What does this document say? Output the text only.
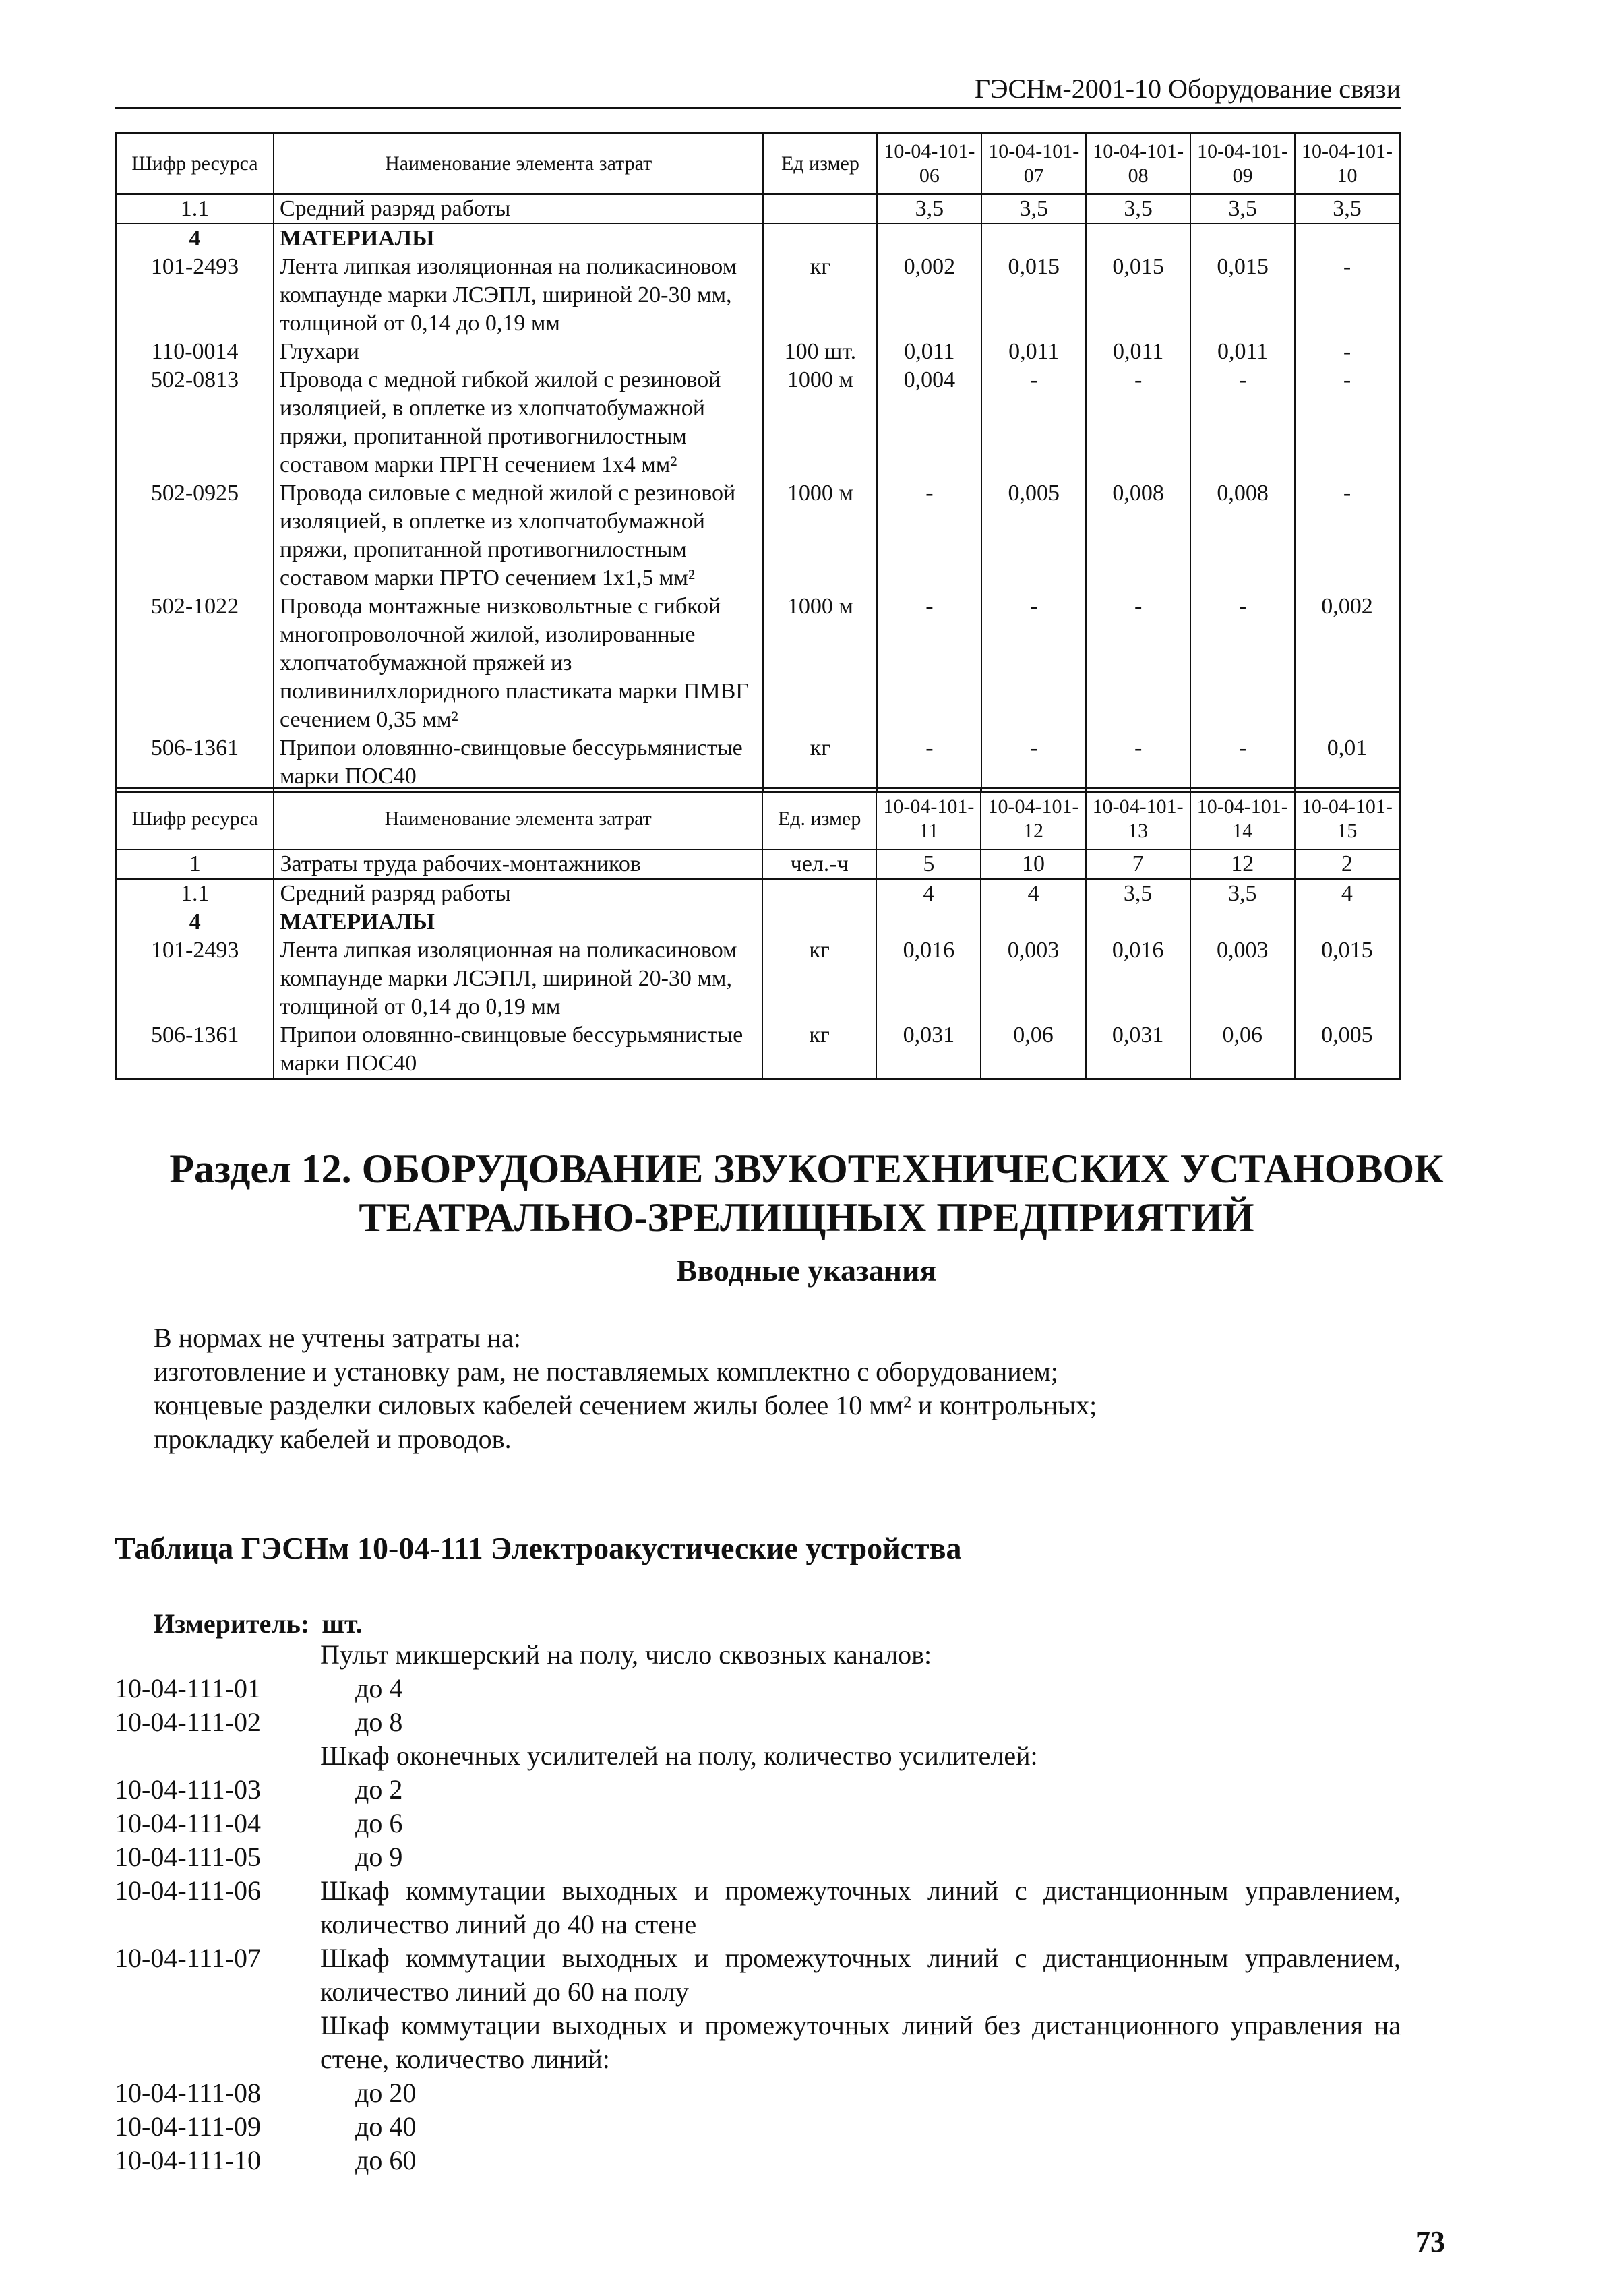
ГЭСНм-2001-10 Оборудование связи
Шифр ресурса	Наименование элемента затрат	Ед измер	10-04-101-06	10-04-101-07	10-04-101-08	10-04-101-09	10-04-101-10
1.1	Средний разряд работы		3,5	3,5	3,5	3,5	3,5
4	МАТЕРИАЛЫ						
101-2493	Лента липкая изоляционная на поликасиновом компаунде марки ЛСЭПЛ, шириной 20-30 мм, толщиной от 0,14 до 0,19 мм	кг	0,002	0,015	0,015	0,015	-
110-0014	Глухари	100 шт.	0,011	0,011	0,011	0,011	-
502-0813	Провода с медной гибкой жилой с резиновой изоляцией, в оплетке из хлопчатобумажной пряжи, пропитанной противогнилостным составом марки ПРГН сечением 1х4 мм²	1000 м	0,004	-	-	-	-
502-0925	Провода силовые с медной жилой с резиновой изоляцией, в оплетке из хлопчатобумажной пряжи, пропитанной противогнилостным составом марки ПРТО сечением 1х1,5 мм²	1000 м	-	0,005	0,008	0,008	-
502-1022	Провода монтажные низковольтные с гибкой многопроволочной жилой, изолированные хлопчатобумажной пряжей из поливинилхлоридного пластиката марки ПМВГ сечением 0,35 мм²	1000 м	-	-	-	-	0,002
506-1361	Припои оловянно-свинцовые бессурьмянистые марки ПОС40	кг	-	-	-	-	0,01
Шифр ресурса	Наименование элемента затрат	Ед. измер	10-04-101-11	10-04-101-12	10-04-101-13	10-04-101-14	10-04-101-15
1	Затраты труда рабочих-монтажников	чел.-ч	5	10	7	12	2
1.1	Средний разряд работы		4	4	3,5	3,5	4
4	МАТЕРИАЛЫ						
101-2493	Лента липкая изоляционная на поликасиновом компаунде марки ЛСЭПЛ, шириной 20-30 мм, толщиной от 0,14 до 0,19 мм	кг	0,016	0,003	0,016	0,003	0,015
506-1361	Припои оловянно-свинцовые бессурьмянистые марки ПОС40	кг	0,031	0,06	0,031	0,06	0,005
Раздел 12. ОБОРУДОВАНИЕ ЗВУКОТЕХНИЧЕСКИХ УСТАНОВОК
ТЕАТРАЛЬНО-ЗРЕЛИЩНЫХ ПРЕДПРИЯТИЙ
Вводные указания

В нормах не учтены затраты на:

изготовление и установку рам, не поставляемых комплектно с оборудованием;

концевые разделки силовых кабелей сечением жилы более 10 мм² и контрольных;

прокладку кабелей и проводов.

Таблица ГЭСНм 10-04-111 Электроакустические устройства
Измеритель: шт.
Пульт микшерский на полу, число сквозных каналов:
10-04-111-01	до 4
10-04-111-02	до 8
Шкаф оконечных усилителей на полу, количество усилителей:
10-04-111-03	до 2
10-04-111-04	до 6
10-04-111-05	до 9
10-04-111-06	Шкаф коммутации выходных и промежуточных линий с дистанционным управлением, количество линий до 40 на стене
10-04-111-07	Шкаф коммутации выходных и промежуточных линий с дистанционным управлением, количество линий до 60 на полу
Шкаф коммутации выходных и промежуточных линий без дистанционного управления на стене, количество линий:
10-04-111-08	до 20
10-04-111-09	до 40
10-04-111-10	до 60
73
